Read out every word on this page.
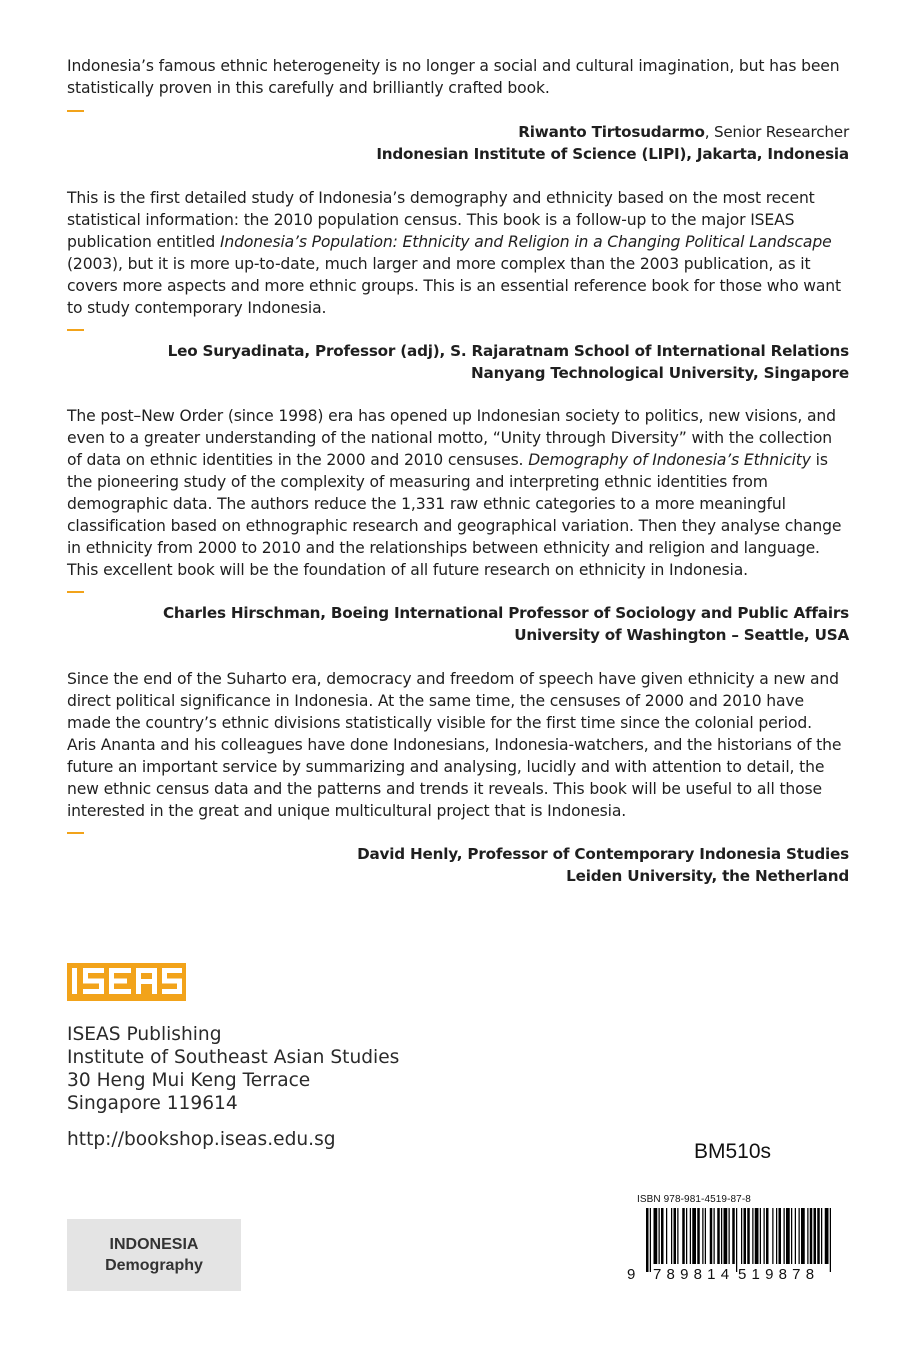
Indonesia’s famous ethnic heterogeneity is no longer a social and cultural imagination, but has been statistically proven in this carefully and brilliantly crafted book.

Riwanto Tirtosudarmo, Senior Researcher
Indonesian Institute of Science (LIPI), Jakarta, Indonesia

This is the first detailed study of Indonesia’s demography and ethnicity based on the most recent statistical information: the 2010 population census. This book is a follow-up to the major ISEAS publication entitled Indonesia’s Population: Ethnicity and Religion in a Changing Political Landscape (2003), but it is more up-to-date, much larger and more complex than the 2003 publication, as it covers more aspects and more ethnic groups. This is an essential reference book for those who want to study contemporary Indonesia.

Leo Suryadinata, Professor (adj), S. Rajaratnam School of International Relations
Nanyang Technological University, Singapore

The post–New Order (since 1998) era has opened up Indonesian society to politics, new visions, and even to a greater understanding of the national motto, “Unity through Diversity” with the collection of data on ethnic identities in the 2000 and 2010 censuses. Demography of Indonesia’s Ethnicity is the pioneering study of the complexity of measuring and interpreting ethnic identities from demographic data. The authors reduce the 1,331 raw ethnic categories to a more meaningful classification based on ethnographic research and geographical variation. Then they analyse change in ethnicity from 2000 to 2010 and the relationships between ethnicity and religion and language. This excellent book will be the foundation of all future research on ethnicity in Indonesia.

Charles Hirschman, Boeing International Professor of Sociology and Public Affairs
University of Washington – Seattle, USA

Since the end of the Suharto era, democracy and freedom of speech have given ethnicity a new and direct political significance in Indonesia. At the same time, the censuses of 2000 and 2010 have made the country’s ethnic divisions statistically visible for the first time since the colonial period. Aris Ananta and his colleagues have done Indonesians, Indonesia-watchers, and the historians of the future an important service by summarizing and analysing, lucidly and with attention to detail, the new ethnic census data and the patterns and trends it reveals. This book will be useful to all those interested in the great and unique multicultural project that is Indonesia.

David Henly, Professor of Contemporary Indonesia Studies
Leiden University, the Netherland
ISEAS Publishing
Institute of Southeast Asian Studies
30 Heng Mui Keng Terrace
Singapore 119614
http://bookshop.iseas.edu.sg
BM510s
ISBN 978-981-4519-87-8
9 789814 519878
INDONESIA
Demography
